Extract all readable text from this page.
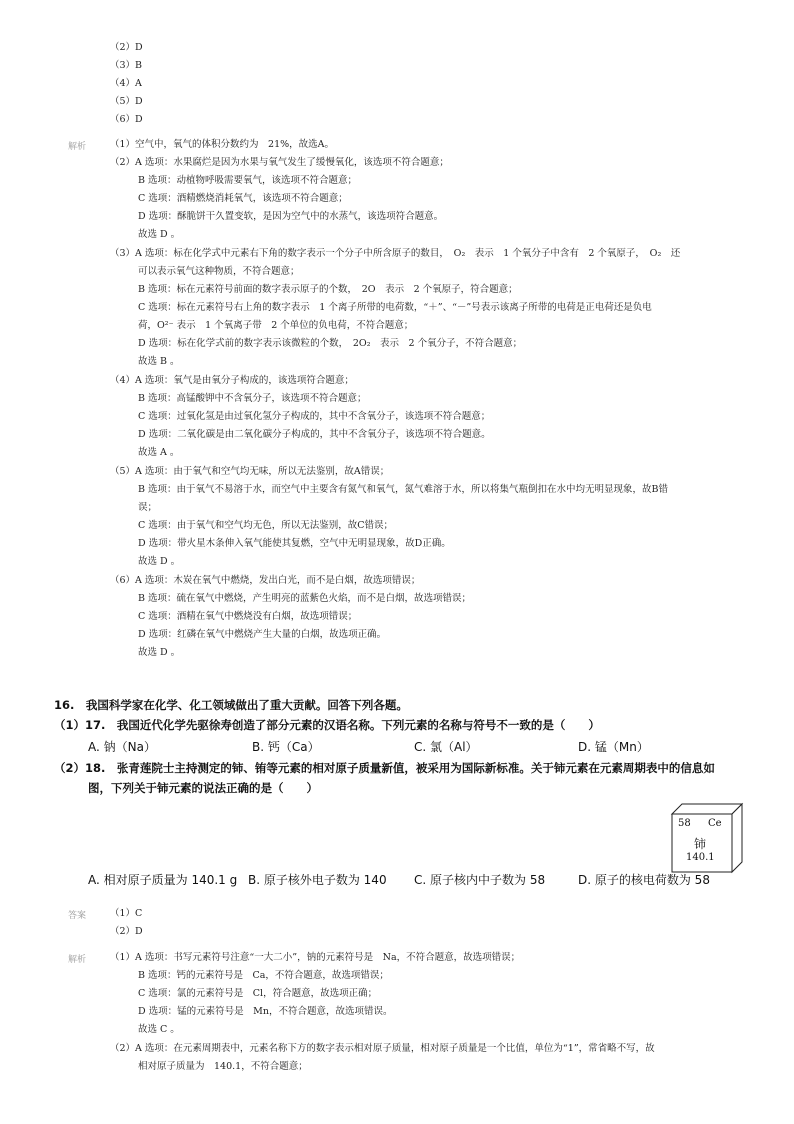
（2）D
（3）B
（4）A
（5）D
（6）D
解析	（1）空气中，氧气的体积分数约为　21%，故选A。
（2）A 选项：水果腐烂是因为水果与氧气发生了缓慢氧化，该选项不符合题意；
B 选项：动植物呼吸需要氧气，该选项不符合题意；
C 选项：酒精燃烧消耗氧气，该选项不符合题意；
D 选项：酥脆饼干久置变软，是因为空气中的水蒸气，该选项符合题意。
故选 D 。
（3）A 选项：标在化学式中元素右下角的数字表示一个分子中所含原子的数目，　O₂　表示　1 个氧分子中含有　2 个氧原子，　O₂　还
可以表示氧气这种物质，不符合题意；
B 选项：标在元素符号前面的数字表示原子的个数，　2O　表示　2 个氧原子，符合题意；
C 选项：标在元素符号右上角的数字表示　1 个离子所带的电荷数，“＋”、“－”号表示该离子所带的电荷是正电荷还是负电
荷，O²⁻ 表示　1 个氧离子带　2 个单位的负电荷，不符合题意；
D 选项：标在化学式前的数字表示该微粒的个数，　2O₂　表示　2 个氧分子，不符合题意；
故选 B 。
（4）A 选项：氧气是由氧分子构成的，该选项符合题意；
B 选项：高锰酸钾中不含氧分子，该选项不符合题意；
C 选项：过氧化氢是由过氧化氢分子构成的，其中不含氧分子，该选项不符合题意；
D 选项：二氧化碳是由二氧化碳分子构成的，其中不含氧分子，该选项不符合题意。
故选 A 。
（5）A 选项：由于氧气和空气均无味，所以无法鉴别，故A错误；
B 选项：由于氧气不易溶于水，而空气中主要含有氮气和氧气，氮气难溶于水，所以将集气瓶倒扣在水中均无明显现象，故B错
误；
C 选项：由于氧气和空气均无色，所以无法鉴别，故C错误；
D 选项：带火星木条伸入氧气能使其复燃，空气中无明显现象，故D正确。
故选 D 。
（6）A 选项：木炭在氧气中燃烧，发出白光，而不是白烟，故选项错误；
B 选项：硫在氧气中燃烧，产生明亮的蓝紫色火焰，而不是白烟，故选项错误；
C 选项：酒精在氧气中燃烧没有白烟，故选项错误；
D 选项：红磷在氧气中燃烧产生大量的白烟，故选项正确。
故选 D 。
16.　我国科学家在化学、化工领域做出了重大贡献。回答下列各题。
（1）17.　我国近代化学先驱徐寿创造了部分元素的汉语名称。下列元素的名称与符号不一致的是（　　）
A. 钠（Na）	B. 钙（Ca）	C. 氯（Al）	D. 锰（Mn）
（2）18.　张青莲院士主持测定的铈、铕等元素的相对原子质量新值，被采用为国际新标准。关于铈元素在元素周期表中的信息如
图，下列关于铈元素的说法正确的是（　　）
58 Ce
铈
140.1
A. 相对原子质量为 140.1 g B. 原子核外电子数为 140 C. 原子核内中子数为 58	D. 原子的核电荷数为 58
答案	（1）C
（2）D
解析	（1）A 选项：书写元素符号注意“一大二小”，钠的元素符号是　Na，不符合题意，故选项错误；
B 选项：钙的元素符号是　Ca，不符合题意，故选项错误；
C 选项：氯的元素符号是　Cl，符合题意，故选项正确；
D 选项：锰的元素符号是　Mn，不符合题意，故选项错误。
故选 C 。
（2）A 选项：在元素周期表中，元素名称下方的数字表示相对原子质量，相对原子质量是一个比值，单位为“1”，常省略不写，故
相对原子质量为　140.1，不符合题意；
